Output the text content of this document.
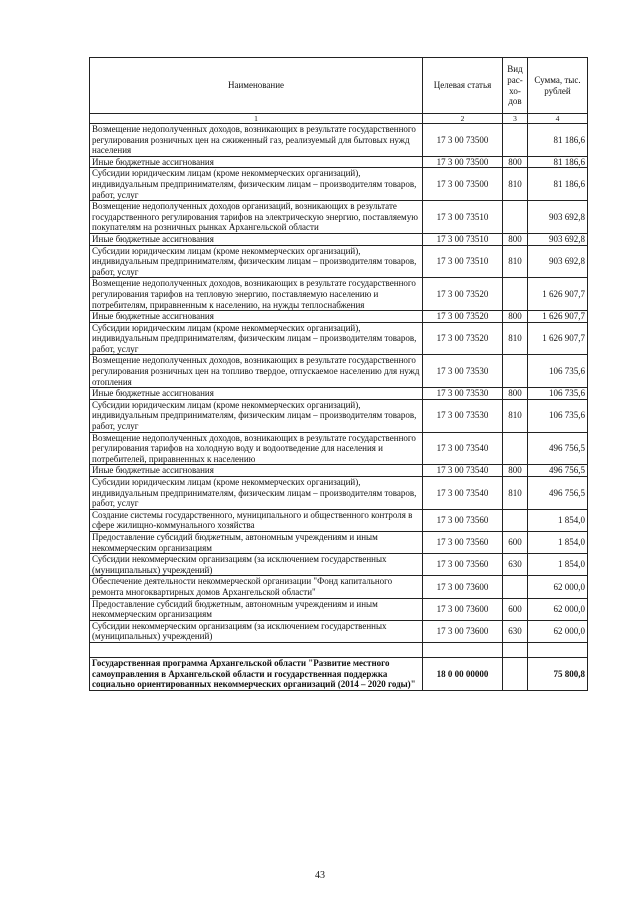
Наименование	Целевая статья	Вид рас-хо-дов	Сумма, тыс. рублей
1	2	3	4
Возмещение недополученных доходов, возникающих в результате государственного регулирования розничных цен на сжиженный газ, реализуемый для бытовых нужд населения	17 3 00 73500		81 186,6
Иные бюджетные ассигнования	17 3 00 73500	800	81 186,6
Субсидии юридическим лицам (кроме некоммерческих организаций), индивидуальным предпринимателям, физическим лицам – производителям товаров, работ, услуг	17 3 00 73500	810	81 186,6
Возмещение недополученных доходов организаций, возникающих в результате государственного регулирования тарифов на электрическую энергию, поставляемую покупателям на розничных рынках Архангельской области	17 3 00 73510		903 692,8
Иные бюджетные ассигнования	17 3 00 73510	800	903 692,8
Субсидии юридическим лицам (кроме некоммерческих организаций), индивидуальным предпринимателям, физическим лицам – производителям товаров, работ, услуг	17 3 00 73510	810	903 692,8
Возмещение недополученных доходов, возникающих в результате государственного регулирования тарифов на тепловую энергию, поставляемую населению и потребителям, приравненным к населению, на нужды теплоснабжения	17 3 00 73520		1 626 907,7
Иные бюджетные ассигнования	17 3 00 73520	800	1 626 907,7
Субсидии юридическим лицам (кроме некоммерческих организаций), индивидуальным предпринимателям, физическим лицам – производителям товаров, работ, услуг	17 3 00 73520	810	1 626 907,7
Возмещение недополученных доходов, возникающих в результате государственного регулирования розничных цен на топливо твердое, отпускаемое населению для нужд отопления	17 3 00 73530		106 735,6
Иные бюджетные ассигнования	17 3 00 73530	800	106 735,6
Субсидии юридическим лицам (кроме некоммерческих организаций), индивидуальным предпринимателям, физическим лицам – производителям товаров, работ, услуг	17 3 00 73530	810	106 735,6
Возмещение недополученных доходов, возникающих в результате государственного регулирования тарифов на холодную воду и водоотведение для населения и потребителей, приравненных к населению	17 3 00 73540		496 756,5
Иные бюджетные ассигнования	17 3 00 73540	800	496 756,5
Субсидии юридическим лицам (кроме некоммерческих организаций), индивидуальным предпринимателям, физическим лицам – производителям товаров, работ, услуг	17 3 00 73540	810	496 756,5
Создание системы государственного, муниципального и общественного контроля в сфере жилищно-коммунального хозяйства	17 3 00 73560		1 854,0
Предоставление субсидий бюджетным, автономным учреждениям и иным некоммерческим организациям	17 3 00 73560	600	1 854,0
Субсидии некоммерческим организациям (за исключением государственных (муниципальных) учреждений)	17 3 00 73560	630	1 854,0
Обеспечение деятельности некоммерческой организации "Фонд капитального ремонта многоквартирных домов Архангельской области"	17 3 00 73600		62 000,0
Предоставление субсидий бюджетным, автономным учреждениям и иным некоммерческим организациям	17 3 00 73600	600	62 000,0
Субсидии некоммерческим организациям (за исключением государственных (муниципальных) учреждений)	17 3 00 73600	630	62 000,0

Государственная программа Архангельской области "Развитие местного самоуправления в Архангельской области и государственная поддержка социально ориентированных некоммерческих организаций (2014 – 2020 годы)"	18 0 00 00000		75 800,8
43
